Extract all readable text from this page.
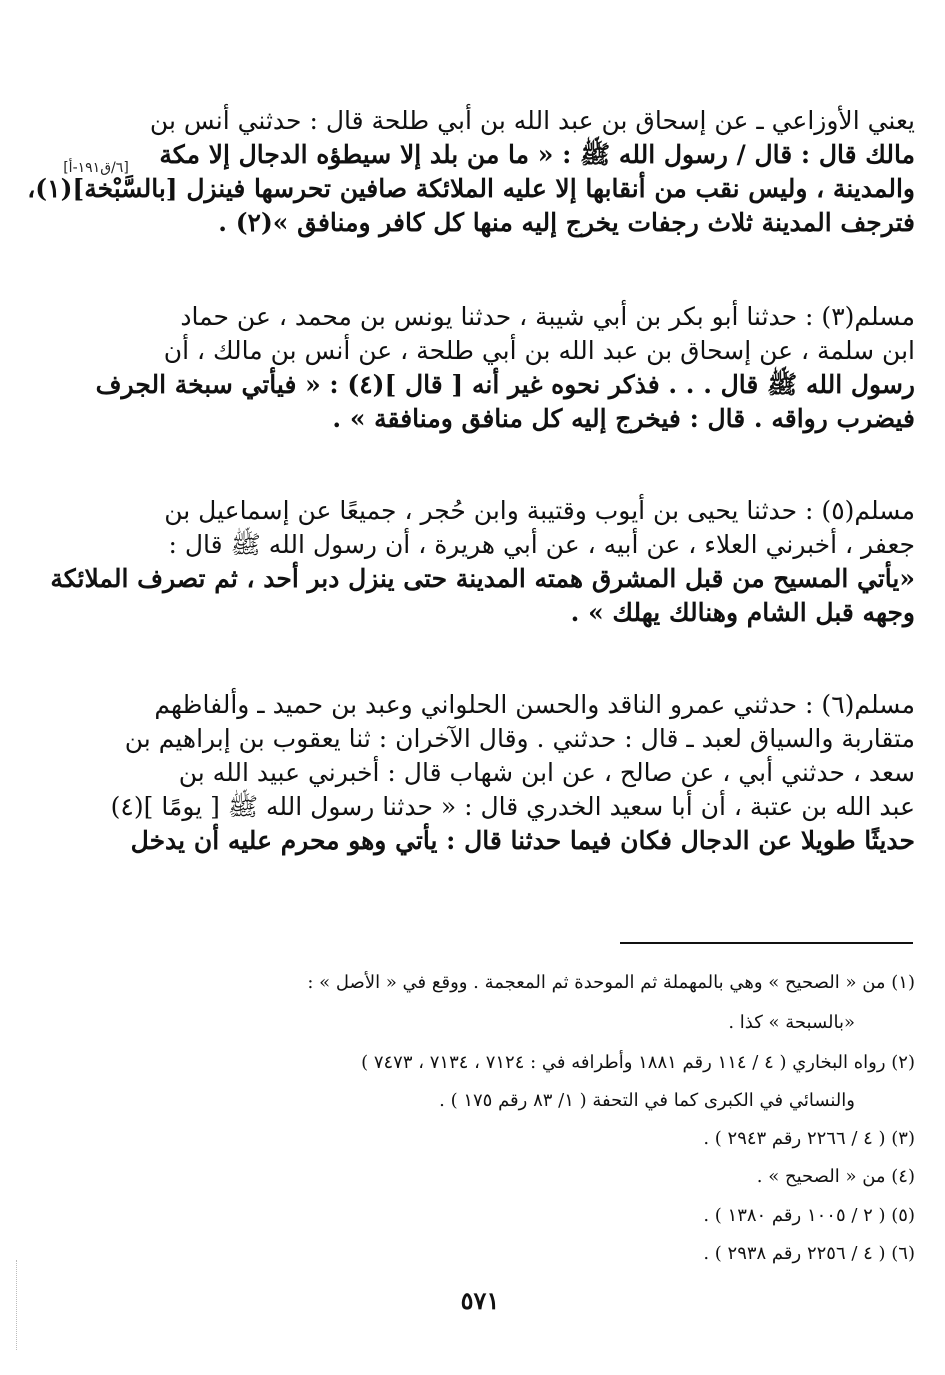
[٦/ق١٩١-أ]
يعني الأوزاعي ـ عن إسحاق بن عبد الله بن أبي طلحة قال : حدثني أنس بن
مالك قال : قال / رسول الله ﷺ : « ما من بلد إلا سيطؤه الدجال إلا مكة
والمدينة ، وليس نقب من أنقابها إلا عليه الملائكة صافين تحرسها فينزل [بالسَّبْخة](١)،
فترجف المدينة ثلاث رجفات يخرج إليه منها كل كافر ومنافق »(٢) .
مسلم(٣) : حدثنا أبو بكر بن أبي شيبة ، حدثنا يونس بن محمد ، عن حماد
ابن سلمة ، عن إسحاق بن عبد الله بن أبي طلحة ، عن أنس بن مالك ، أن
رسول الله ﷺ قال . . . فذكر نحوه غير أنه [ قال ](٤) : « فيأتي سبخة الجرف
فيضرب رواقه . قال : فيخرج إليه كل منافق ومنافقة » .
مسلم(٥) : حدثنا يحيى بن أيوب وقتيبة وابن حُجر ، جميعًا عن إسماعيل بن
جعفر ، أخبرني العلاء ، عن أبيه ، عن أبي هريرة ، أن رسول الله ﷺ قال :
«يأتي المسيح من قبل المشرق همته المدينة حتى ينزل دبر أحد ، ثم تصرف الملائكة
وجهه قبل الشام وهنالك يهلك » .
مسلم(٦) : حدثني عمرو الناقد والحسن الحلواني وعبد بن حميد ـ وألفاظهم
متقاربة والسياق لعبد ـ قال : حدثني . وقال الآخران : ثنا يعقوب بن إبراهيم بن
سعد ، حدثني أبي ، عن صالح ، عن ابن شهاب قال : أخبرني عبيد الله بن
عبد الله بن عتبة ، أن أبا سعيد الخدري قال : « حدثنا رسول الله ﷺ [ يومًا ](٤)
حديثًا طويلا عن الدجال فكان فيما حدثنا قال : يأتي وهو محرم عليه أن يدخل
(١) من « الصحيح » وهي بالمهملة ثم الموحدة ثم المعجمة . ووقع في « الأصل » :
«بالسبحة » كذا .
(٢) رواه البخاري ( ٤ / ١١٤ رقم ١٨٨١ وأطرافه في : ٧١٢٤ ، ٧١٣٤ ، ٧٤٧٣ )
والنسائي في الكبرى كما في التحفة ( ١/ ٨٣ رقم ١٧٥ ) .
(٣) ( ٤ / ٢٢٦٦ رقم ٢٩٤٣ ) .
(٤) من « الصحيح » .
(٥) ( ٢ / ١٠٠٥ رقم ١٣٨٠ ) .
(٦) ( ٤ / ٢٢٥٦ رقم ٢٩٣٨ ) .
٥٧١
